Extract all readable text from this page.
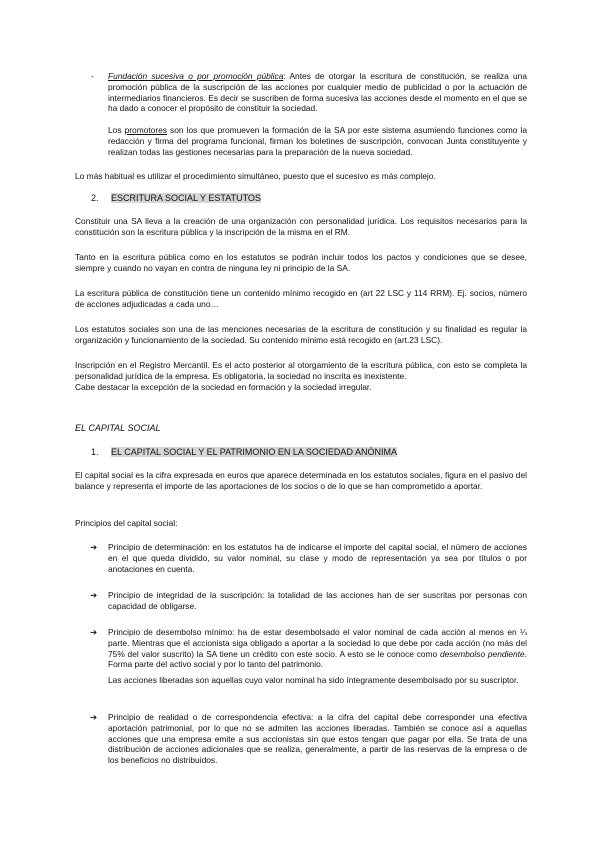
- Fundación sucesiva o por promoción pública: Antes de otorgar la escritura de constitución, se realiza una promoción pública de la suscripción de las acciones por cualquier medio de publicidad o por la actuación de intermediarios financieros. Es decir se suscriben de forma sucesiva las acciones desde el momento en el que se ha dado a conocer el propósito de constituir la sociedad.

Los promotores son los que promueven la formación de la SA por este sistema asumiendo funciones como la redacción y firma del programa funcional, firman los boletines de suscripción, convocan Junta constituyente y realizan todas las gestiones necesarias para la preparación de la nueva sociedad.

Lo más habitual es utilizar el procedimiento simultáneo, puesto que el sucesivo es más complejo.

2. ESCRITURA SOCIAL Y ESTATUTOS

Constituir una SA lleva a la creación de una organización con personalidad jurídica. Los requisitos necesarios para la constitución son la escritura pública y la inscripción de la misma en el RM.

Tanto en la escritura pública como en los estatutos se podrán incluir todos los pactos y condiciones que se desee, siempre y cuando no vayan en contra de ninguna ley ni principio de la SA.

La escritura pública de constitución tiene un contenido mínimo recogido en (art 22 LSC y 114 RRM). Ej. socios, número de acciones adjudicadas a cada uno…

Los estatutos sociales son una de las menciones necesarias de la escritura de constitución y su finalidad es regular la organización y funcionamiento de la sociedad. Su contenido mínimo está recogido en (art.23 LSC).

Inscripción en el Registro Mercantil. Es el acto posterior al otorgamiento de la escritura pública, con esto se completa la personalidad jurídica de la empresa. Es obligatoria, la sociedad no inscrita es inexistente.

Cabe destacar la excepción de la sociedad en formación y la sociedad irregular.

EL CAPITAL SOCIAL

1. EL CAPITAL SOCIAL Y EL PATRIMONIO EN LA SOCIEDAD ANÓNIMA

El capital social es la cifra expresada en euros que aparece determinada en los estatutos sociales, figura en el pasivo del balance y representa el importe de las aportaciones de los socios o de lo que se han comprometido a aportar.

Principios del capital social:

➔ Principio de determinación: en los estatutos ha de indicarse el importe del capital social, el número de acciones en el que queda dividido, su valor nominal, su clase y modo de representación ya sea por títulos o por anotaciones en cuenta.

➔ Principio de integridad de la suscripción: la totalidad de las acciones han de ser suscritas por personas con capacidad de obligarse.

➔ Principio de desembolso mínimo: ha de estar desembolsado el valor nominal de cada acción al menos en ¼ parte. Mientras que el accionista siga obligado a aportar a la sociedad lo que debe por cada acción (no más del 75% del valor suscrito) la SA tiene un crédito con este socio. A esto se le conoce como desembolso pendiente. Forma parte del activo social y por lo tanto del patrimonio.

Las acciones liberadas son aquellas cuyo valor nominal ha sido íntegramente desembolsado por su suscriptor.

➔ Principio de realidad o de correspondencia efectiva: a la cifra del capital debe corresponder una efectiva aportación patrimonial, por lo que no se admiten las acciones liberadas. También se conoce así a aquellas acciones que una empresa emite a sus accionistas sin que estos tengan que pagar por ella. Se trata de una distribución de acciones adicionales que se realiza, generalmente, a partir de las reservas de la empresa o de los beneficios no distribuidos.
